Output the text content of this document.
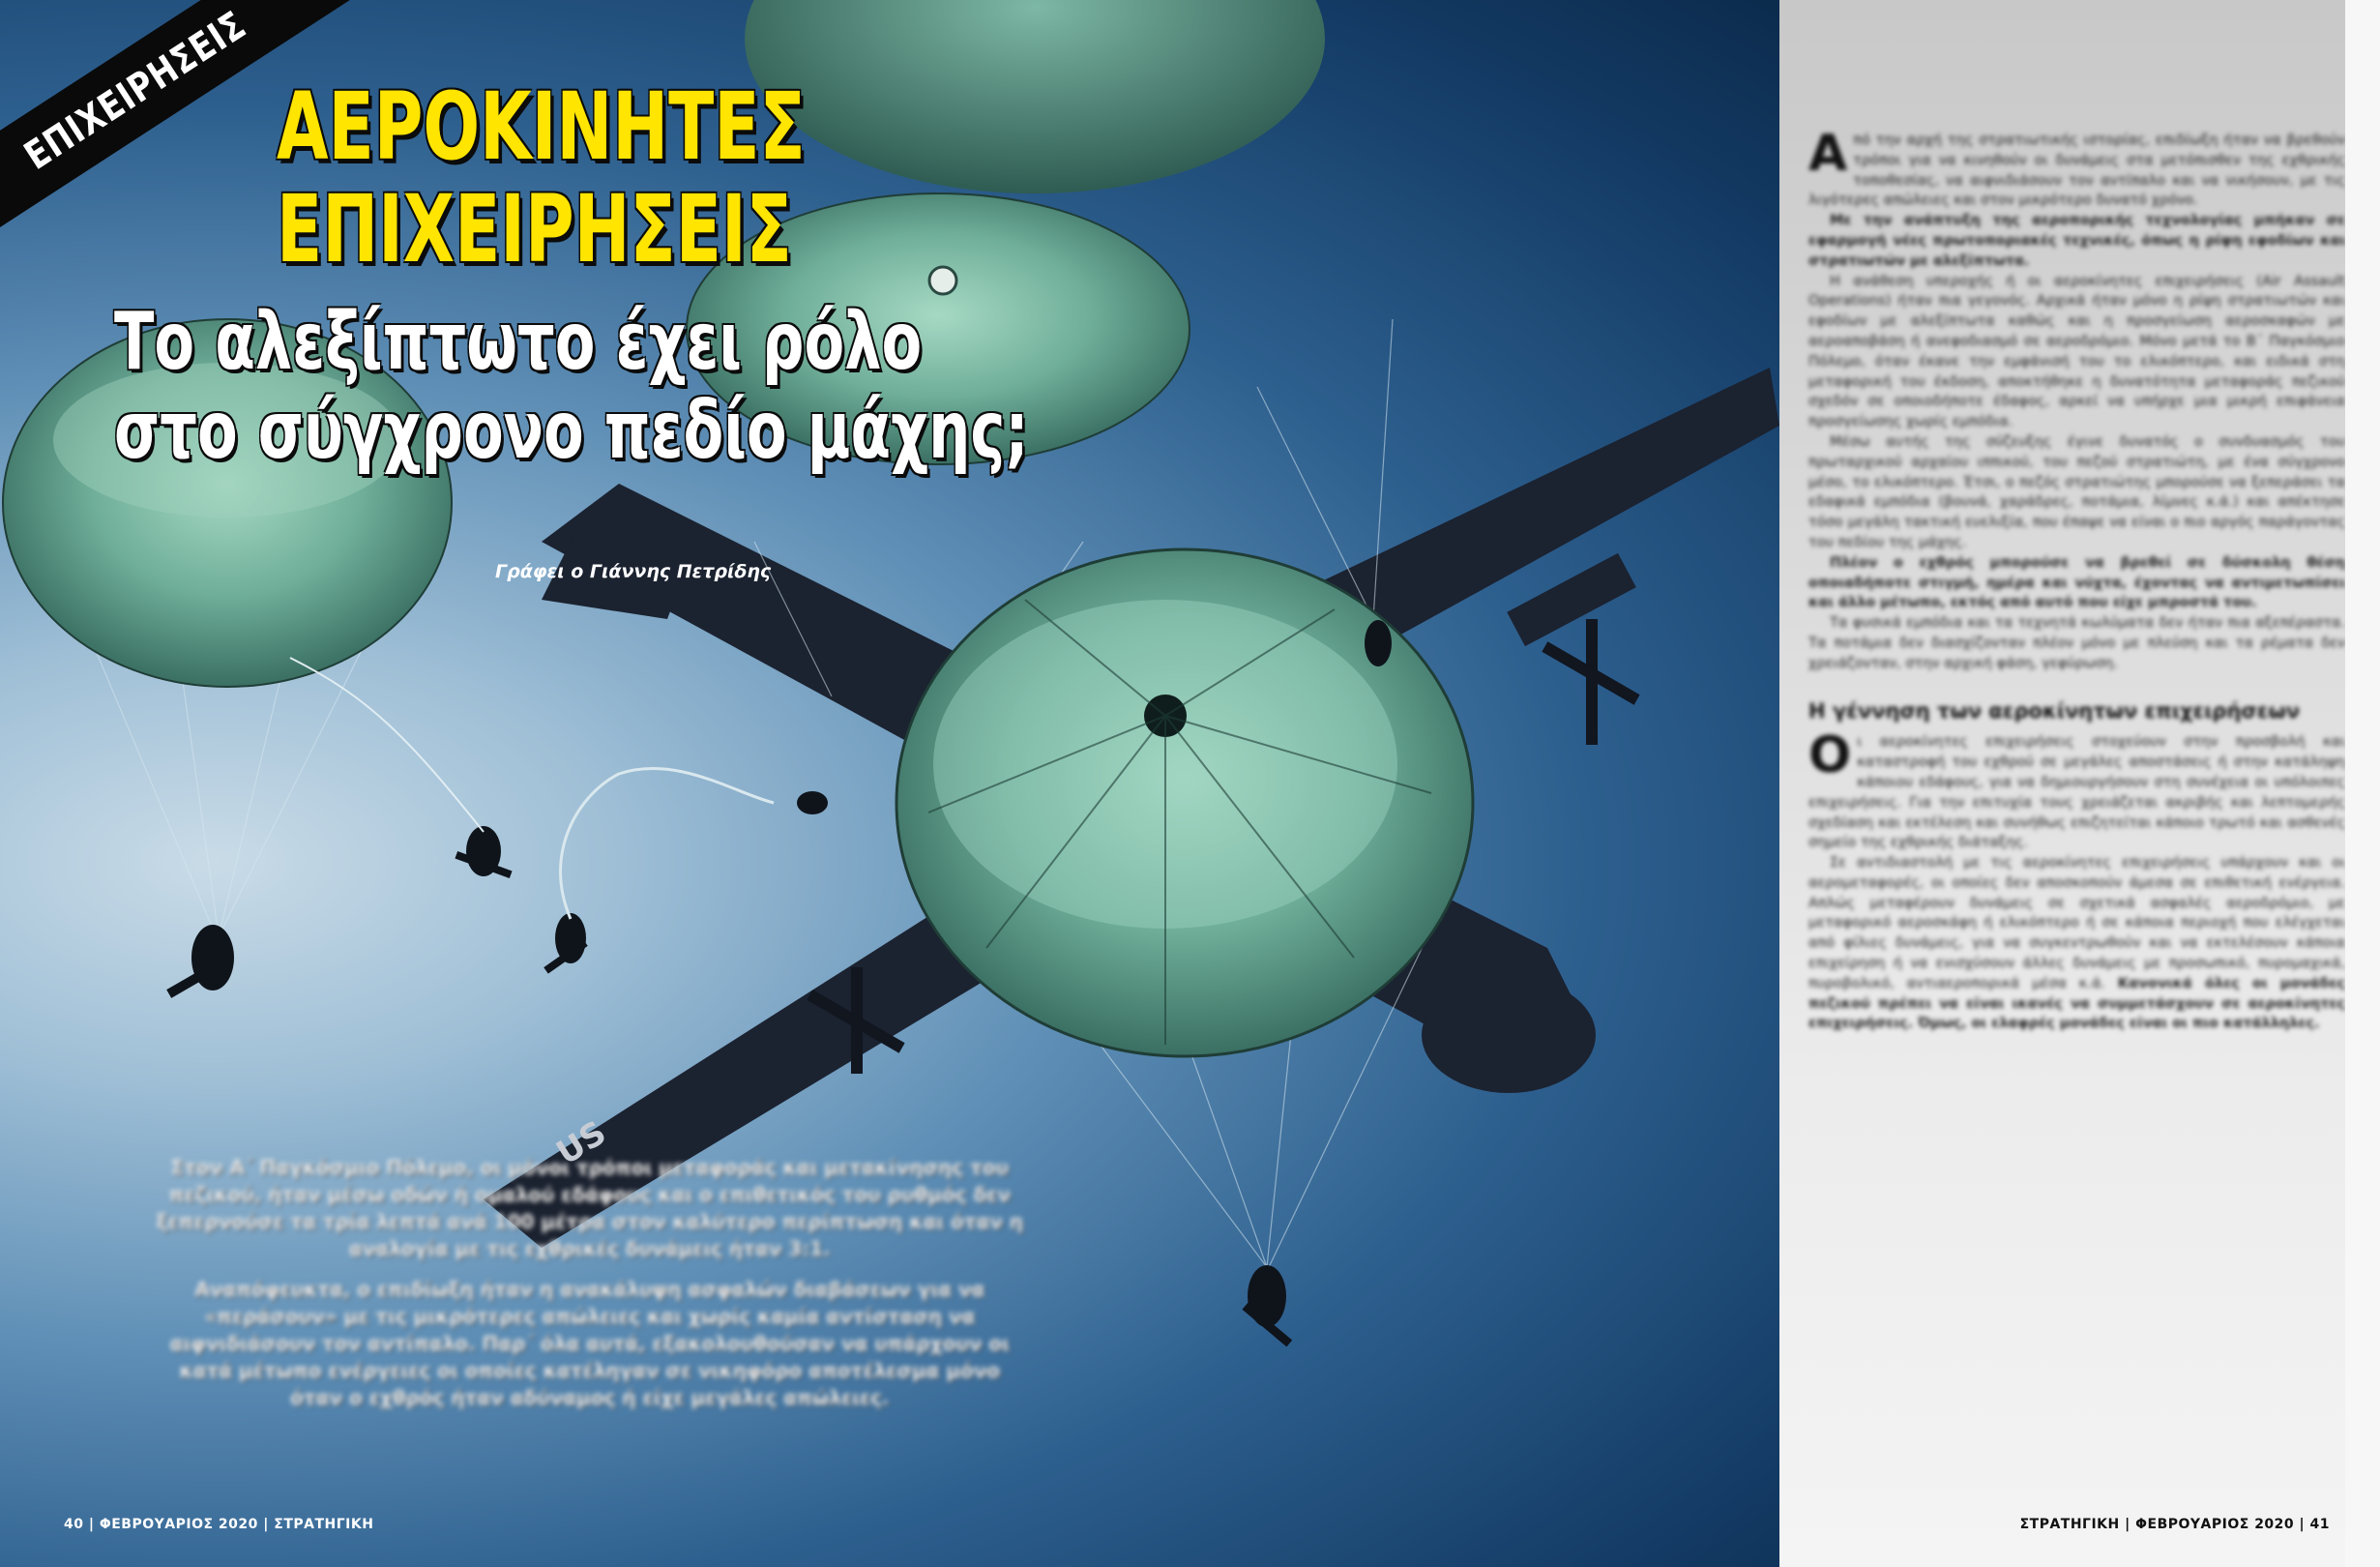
US
ΕΠΙΧΕΙΡΗΣΕΙΣ ΑΕΡΟΚΙΝΗΤΕΣ
ΕΠΙΧΕΙΡΗΣΕΙΣ
Το αλεξίπτωτο έχει ρόλο
στο σύγχρονο πεδίο μάχης;
Γράφει ο Γιάννης Πετρίδης

Στον Α΄ Παγκόσμιο Πόλεμο, οι μόνοι τρόποι μεταφοράς και μετακίνησης του πεζικού, ήταν μέσω οδών ή ομαλού εδάφους και ο επιθετικός του ρυθμός δεν ξεπερνούσε τα τρία λεπτά ανά 100 μέτρα στον καλύτερο περίπτωση και όταν η αναλογία με τις εχθρικές δυνάμεις ήταν 3:1.

Αναπόφευκτα, ο επιδίωξη ήταν η ανακάλυψη ασφαλών διαβάσεων για να «περάσουν» με τις μικρότερες απώλειες και χωρίς καμία αντίσταση να αιφνιδιάσουν τον αντίπαλο. Παρ΄ όλα αυτά, εξακολουθούσαν να υπάρχουν οι κατά μέτωπο ενέργειες οι οποίες κατέληγαν σε νικηφόρο αποτέλεσμα μόνο όταν ο εχθρός ήταν αδύναμος ή είχε μεγάλες απώλειες.

40 | ΦΕΒΡΟΥΑΡΙΟΣ 2020 | ΣΤΡΑΤΗΓΙΚΗ

Από την αρχή της στρατιωτικής ιστορίας, επιδίωξη ήταν να βρεθούν τρόποι για να κινηθούν οι δυνάμεις στα μετόπισθεν της εχθρικής τοποθεσίας, να αιφνιδιάσουν τον αντίπαλο και να νικήσουν, με τις λιγότερες απώλειες και στον μικρότερο δυνατό χρόνο.

Με την ανάπτυξη της αεροπορικής τεχνολογίας μπήκαν σε εφαρμογή νέες πρωτοποριακές τεχνικές, όπως η ρίψη εφοδίων και στρατιωτών με αλεξίπτωτα.

Η ανάθεση υπεροχής ή οι αεροκίνητες επιχειρήσεις (Air Assault Operations) ήταν πια γεγονός. Αρχικά ήταν μόνο η ρίψη στρατιωτών και εφοδίων με αλεξίπτωτα καθώς και η προσγείωση αεροσκαφών με αεροαποβάση ή ανεφοδιασμό σε αεροδρόμιο. Μόνο μετά το Β΄ Παγκόσμιο Πόλεμο, όταν έκανε την εμφάνισή του το ελικόπτερο, και ειδικά στη μεταφορική του έκδοση, αποκτήθηκε η δυνατότητα μεταφοράς πεζικού σχεδόν σε οποιοδήποτε έδαφος, αρκεί να υπήρχε μια μικρή επιφάνεια προσγείωσης χωρίς εμπόδια.

Μέσω αυτής της σύζευξης έγινε δυνατός ο συνδυασμός του πρωταρχικού αρχαίου ιππικού, του πεζού στρατιώτη, με ένα σύγχρονο μέσο, το ελικόπτερο. Έτσι, ο πεζός στρατιώτης μπορούσε να ξεπεράσει τα εδαφικά εμπόδια (βουνά, χαράδρες, ποτάμια, λίμνες κ.ά.) και απέκτησε τόσο μεγάλη τακτική ευελιξία, που έπαψε να είναι ο πιο αργός παράγοντας του πεδίου της μάχης.

Πλέον ο εχθρός μπορούσε να βρεθεί σε δύσκολη θέση οποιαδήποτε στιγμή, ημέρα και νύχτα, έχοντας να αντιμετωπίσει και άλλο μέτωπο, εκτός από αυτό που είχε μπροστά του.

Τα φυσικά εμπόδια και τα τεχνητά κωλύματα δεν ήταν πια αξεπέραστα. Τα ποτάμια δεν διασχίζονταν πλέον μόνο με πλεύση και τα ρέματα δεν χρειάζονταν, στην αρχική φάση, γεφύρωση.

Η γέννηση των αεροκίνητων επιχειρήσεων

Οι αεροκίνητες επιχειρήσεις στοχεύουν στην προσβολή και καταστροφή του εχθρού σε μεγάλες αποστάσεις ή στην κατάληψη κάποιου εδάφους, για να δημιουργήσουν στη συνέχεια οι υπόλοιπες επιχειρήσεις. Για την επιτυχία τους χρειάζεται ακριβής και λεπτομερής σχεδίαση και εκτέλεση και συνήθως επιζητείται κάποιο τρωτό και ασθενές σημείο της εχθρικής διάταξης.

Σε αντιδιαστολή με τις αεροκίνητες επιχειρήσεις υπάρχουν και οι αερομεταφορές, οι οποίες δεν αποσκοπούν άμεσα σε επιθετική ενέργεια. Απλώς μεταφέρουν δυνάμεις σε σχετικά ασφαλές αεροδρόμιο, με μεταφορικό αεροσκάφη ή ελικόπτερο ή σε κάποια περιοχή που ελέγχεται από φίλιες δυνάμεις, για να συγκεντρωθούν και να εκτελέσουν κάποια επιχείρηση ή να ενισχύσουν άλλες δυνάμεις με προσωπικό, πυρομαχικά, πυροβολικό, αντιαεροπορικά μέσα κ.ά. Κανονικά όλες οι μονάδες πεζικού πρέπει να είναι ικανές να συμμετάσχουν σε αεροκίνητες επιχειρήσεις. Όμως, οι ελαφρές μονάδες είναι οι πιο κατάλληλες.

ΣΤΡΑΤΗΓΙΚΗ | ΦΕΒΡΟΥΑΡΙΟΣ 2020 | 41
